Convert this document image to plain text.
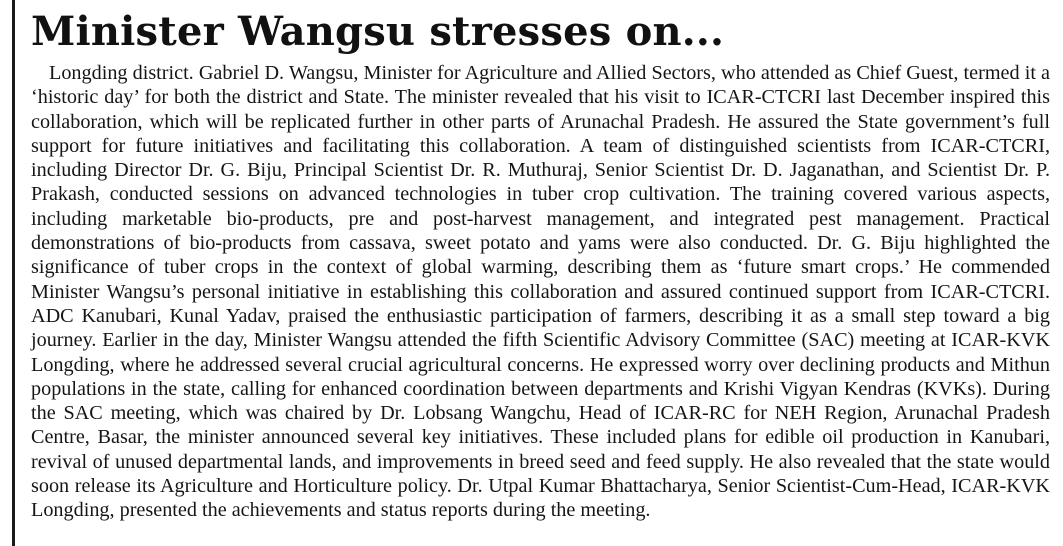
Minister Wangsu stresses on...

Longding district. Gabriel D. Wangsu, Minister for Agriculture and Allied Sectors, who attended as Chief Guest, termed it a ‘historic day’ for both the district and State. The minister revealed that his visit to ICAR-CTCRI last December inspired this collaboration, which will be replicated further in other parts of Arunachal Pradesh. He assured the State government’s full support for future initiatives and facilitating this collaboration. A team of distinguished scientists from ICAR-CTCRI, including Director Dr. G. Biju, Principal Scientist Dr. R. Muthuraj, Senior Scientist Dr. D. Jaganathan, and Scientist Dr. P. Prakash, conducted sessions on advanced technologies in tuber crop cultivation. The training covered various aspects, including marketable bio-products, pre and post-harvest management, and integrated pest management. Practical demonstrations of bio-products from cassava, sweet potato and yams were also conducted. Dr. G. Biju highlighted the significance of tuber crops in the context of global warming, describing them as ‘future smart crops.’ He commended Minister Wangsu’s personal initiative in establishing this collaboration and assured continued support from ICAR-CTCRI. ADC Kanubari, Kunal Yadav, praised the enthusiastic participation of farmers, describing it as a small step toward a big journey. Earlier in the day, Minister Wangsu attended the fifth Scientific Advisory Committee (SAC) meeting at ICAR-KVK Longding, where he addressed several crucial agricultural concerns. He expressed worry over declining products and Mithun populations in the state, calling for enhanced coordination between departments and Krishi Vigyan Kendras (KVKs). During the SAC meeting, which was chaired by Dr. Lobsang Wangchu, Head of ICAR-RC for NEH Region, Arunachal Pradesh Centre, Basar, the minister announced several key initiatives. These included plans for edible oil production in Kanubari, revival of unused departmental lands, and improvements in breed seed and feed supply. He also revealed that the state would soon release its Agriculture and Horticulture policy. Dr. Utpal Kumar Bhattacharya, Senior Scientist-Cum-Head, ICAR-KVK Longding, presented the achievements and status reports during the meeting.
